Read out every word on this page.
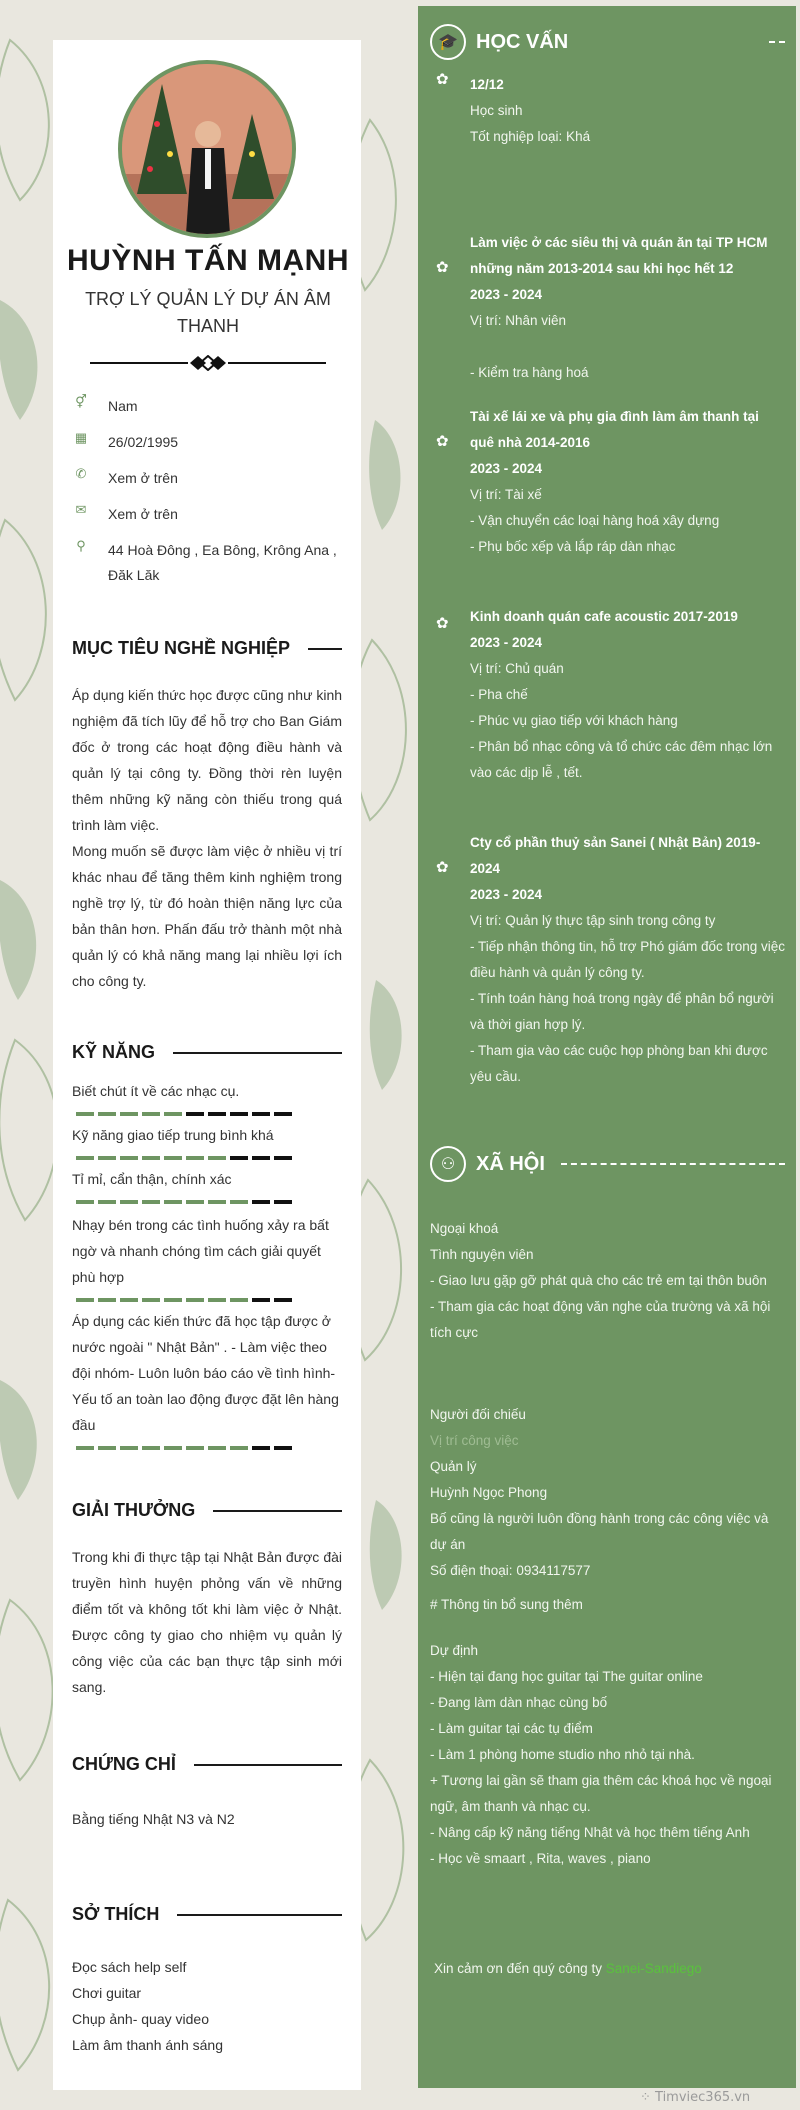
HUỲNH TẤN MẠNH
TRỢ LÝ QUẢN LÝ DỰ ÁN ÂM THANH
⚥ Nam
▦ 26/02/1995
✆ Xem ở trên
✉ Xem ở trên
⚲	44 Hoà Đông , Ea Bông, Krông Ana , Đăk Lăk
MỤC TIÊU NGHỀ NGHIỆP
Áp dụng kiến thức học được cũng như kinh nghiệm đã tích lũy để hỗ trợ cho Ban Giám đốc ở trong các hoạt động điều hành và quản lý tại công ty. Đồng thời rèn luyện thêm những kỹ năng còn thiếu trong quá trình làm việc.
Mong muốn sẽ được làm việc ở nhiều vị trí khác nhau để tăng thêm kinh nghiệm trong nghề trợ lý, từ đó hoàn thiện năng lực của bản thân hơn. Phấn đấu trở thành một nhà quản lý có khả năng mang lại nhiều lợi ích cho công ty.
KỸ NĂNG
Biết chút ít về các nhạc cụ.
Kỹ năng giao tiếp trung bình khá
Tỉ mỉ, cẩn thận, chính xác
Nhạy bén trong các tình huống xảy ra bất ngờ và nhanh chóng tìm cách giải quyết phù hợp
Áp dụng các kiến thức đã học tập được ở nước ngoài " Nhật Bản" . - Làm việc theo đội nhóm- Luôn luôn báo cáo về tình hình- Yếu tố an toàn lao động được đặt lên hàng đầu
GIẢI THƯỞNG
Trong khi đi thực tập tại Nhật Bản được đài truyền hình huyện phỏng vấn về những điểm tốt và không tốt khi làm việc ở Nhật. Được công ty giao cho nhiệm vụ quản lý công việc của các bạn thực tập sinh mới sang.
CHỨNG CHỈ
Bằng tiếng Nhật N3 và N2
SỞ THÍCH
Đọc sách help self
Chơi guitar
Chụp ảnh- quay video
Làm âm thanh ánh sáng
🎓 HỌC VẤN
✿ 12/12
Học sinh
Tốt nghiệp loại: Khá
✿
Làm việc ở các siêu thị và quán ăn tại TP HCM những năm 2013-2014 sau khi học hết 12
2023 - 2024
Vị trí: Nhân viên
- Kiểm tra hàng hoá
✿
Tài xế lái xe và phụ gia đình làm âm thanh tại quê nhà 2014-2016
2023 - 2024
Vị trí: Tài xế
- Vận chuyển các loại hàng hoá xây dựng
- Phụ bốc xếp và lắp ráp dàn nhạc
✿ Kinh doanh quán cafe acoustic 2017-2019
2023 - 2024
Vị trí: Chủ quán
- Pha chế
- Phúc vụ giao tiếp với khách hàng
- Phân bổ nhạc công và tổ chức các đêm nhạc lớn vào các dịp lễ , tết.
✿
Cty cổ phần thuỷ sản Sanei ( Nhật Bản) 2019-2024
2023 - 2024
Vị trí: Quản lý thực tập sinh trong công ty
- Tiếp nhận thông tin, hỗ trợ Phó giám đốc trong việc điều hành và quản lý công ty.
- Tính toán hàng hoá trong ngày để phân bổ người và thời gian hợp lý.
- Tham gia vào các cuộc họp phòng ban khi được yêu cầu.
⚇	XÃ HỘI
Ngoại khoá
Tình nguyện viên
- Giao lưu gặp gỡ phát quà cho các trẻ em tại thôn buôn
- Tham gia các hoạt động văn nghe của trường và xã hội tích cực
Người đối chiếu
Vị trí công việc
Quản lý
Huỳnh Ngọc Phong
Bố cũng là người luôn đồng hành trong các công việc và dự án
Số điện thoại: 0934117577
# Thông tin bổ sung thêm
Dự định
- Hiện tại đang học guitar tại The guitar online
- Đang làm dàn nhạc cùng bố
- Làm guitar tại các tụ điểm
- Làm 1 phòng home studio nho nhỏ tại nhà.
+ Tương lai gần sẽ tham gia thêm các khoá học về ngoại ngữ, âm thanh và nhạc cụ.
- Nâng cấp kỹ năng tiếng Nhật và học thêm tiếng Anh
- Học về smaart , Rita, waves , piano
Xin cảm ơn đến quý công ty Sanei-Sandiego
⁘ Timviec365.vn
